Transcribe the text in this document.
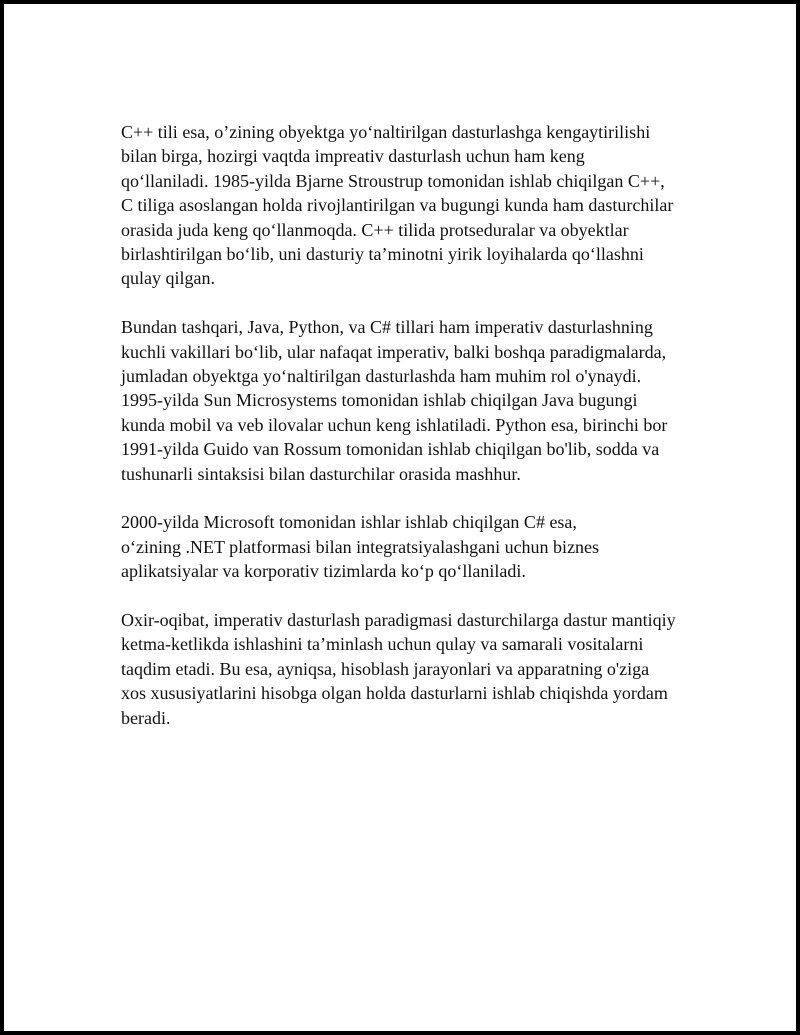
C++ tili esa, o’zining obyektga yo‘naltirilgan dasturlashga kengaytirilishi
bilan birga, hozirgi vaqtda impreativ dasturlash uchun ham keng
qo‘llaniladi. 1985-yilda Bjarne Stroustrup tomonidan ishlab chiqilgan C++,
C tiliga asoslangan holda rivojlantirilgan va bugungi kunda ham dasturchilar
orasida juda keng qo‘llanmoqda. C++ tilida protseduralar va obyektlar
birlashtirilgan bo‘lib, uni dasturiy ta’minotni yirik loyihalarda qo‘llashni
qulay qilgan.

Bundan tashqari, Java, Python, va C# tillari ham imperativ dasturlashning
kuchli vakillari bo‘lib, ular nafaqat imperativ, balki boshqa paradigmalarda,
jumladan obyektga yo‘naltirilgan dasturlashda ham muhim rol o'ynaydi.
1995-yilda Sun Microsystems tomonidan ishlab chiqilgan Java bugungi
kunda mobil va veb ilovalar uchun keng ishlatiladi. Python esa, birinchi bor
1991-yilda Guido van Rossum tomonidan ishlab chiqilgan bo'lib, sodda va
tushunarli sintaksisi bilan dasturchilar orasida mashhur.

2000-yilda Microsoft tomonidan ishlar ishlab chiqilgan C# esa,
o‘zining .NET platformasi bilan integratsiyalashgani uchun biznes
aplikatsiyalar va korporativ tizimlarda ko‘p qo‘llaniladi.

Oxir-oqibat, imperativ dasturlash paradigmasi dasturchilarga dastur mantiqiy
ketma-ketlikda ishlashini ta’minlash uchun qulay va samarali vositalarni
taqdim etadi. Bu esa, ayniqsa, hisoblash jarayonlari va apparatning o'ziga
xos xususiyatlarini hisobga olgan holda dasturlarni ishlab chiqishda yordam
beradi.
